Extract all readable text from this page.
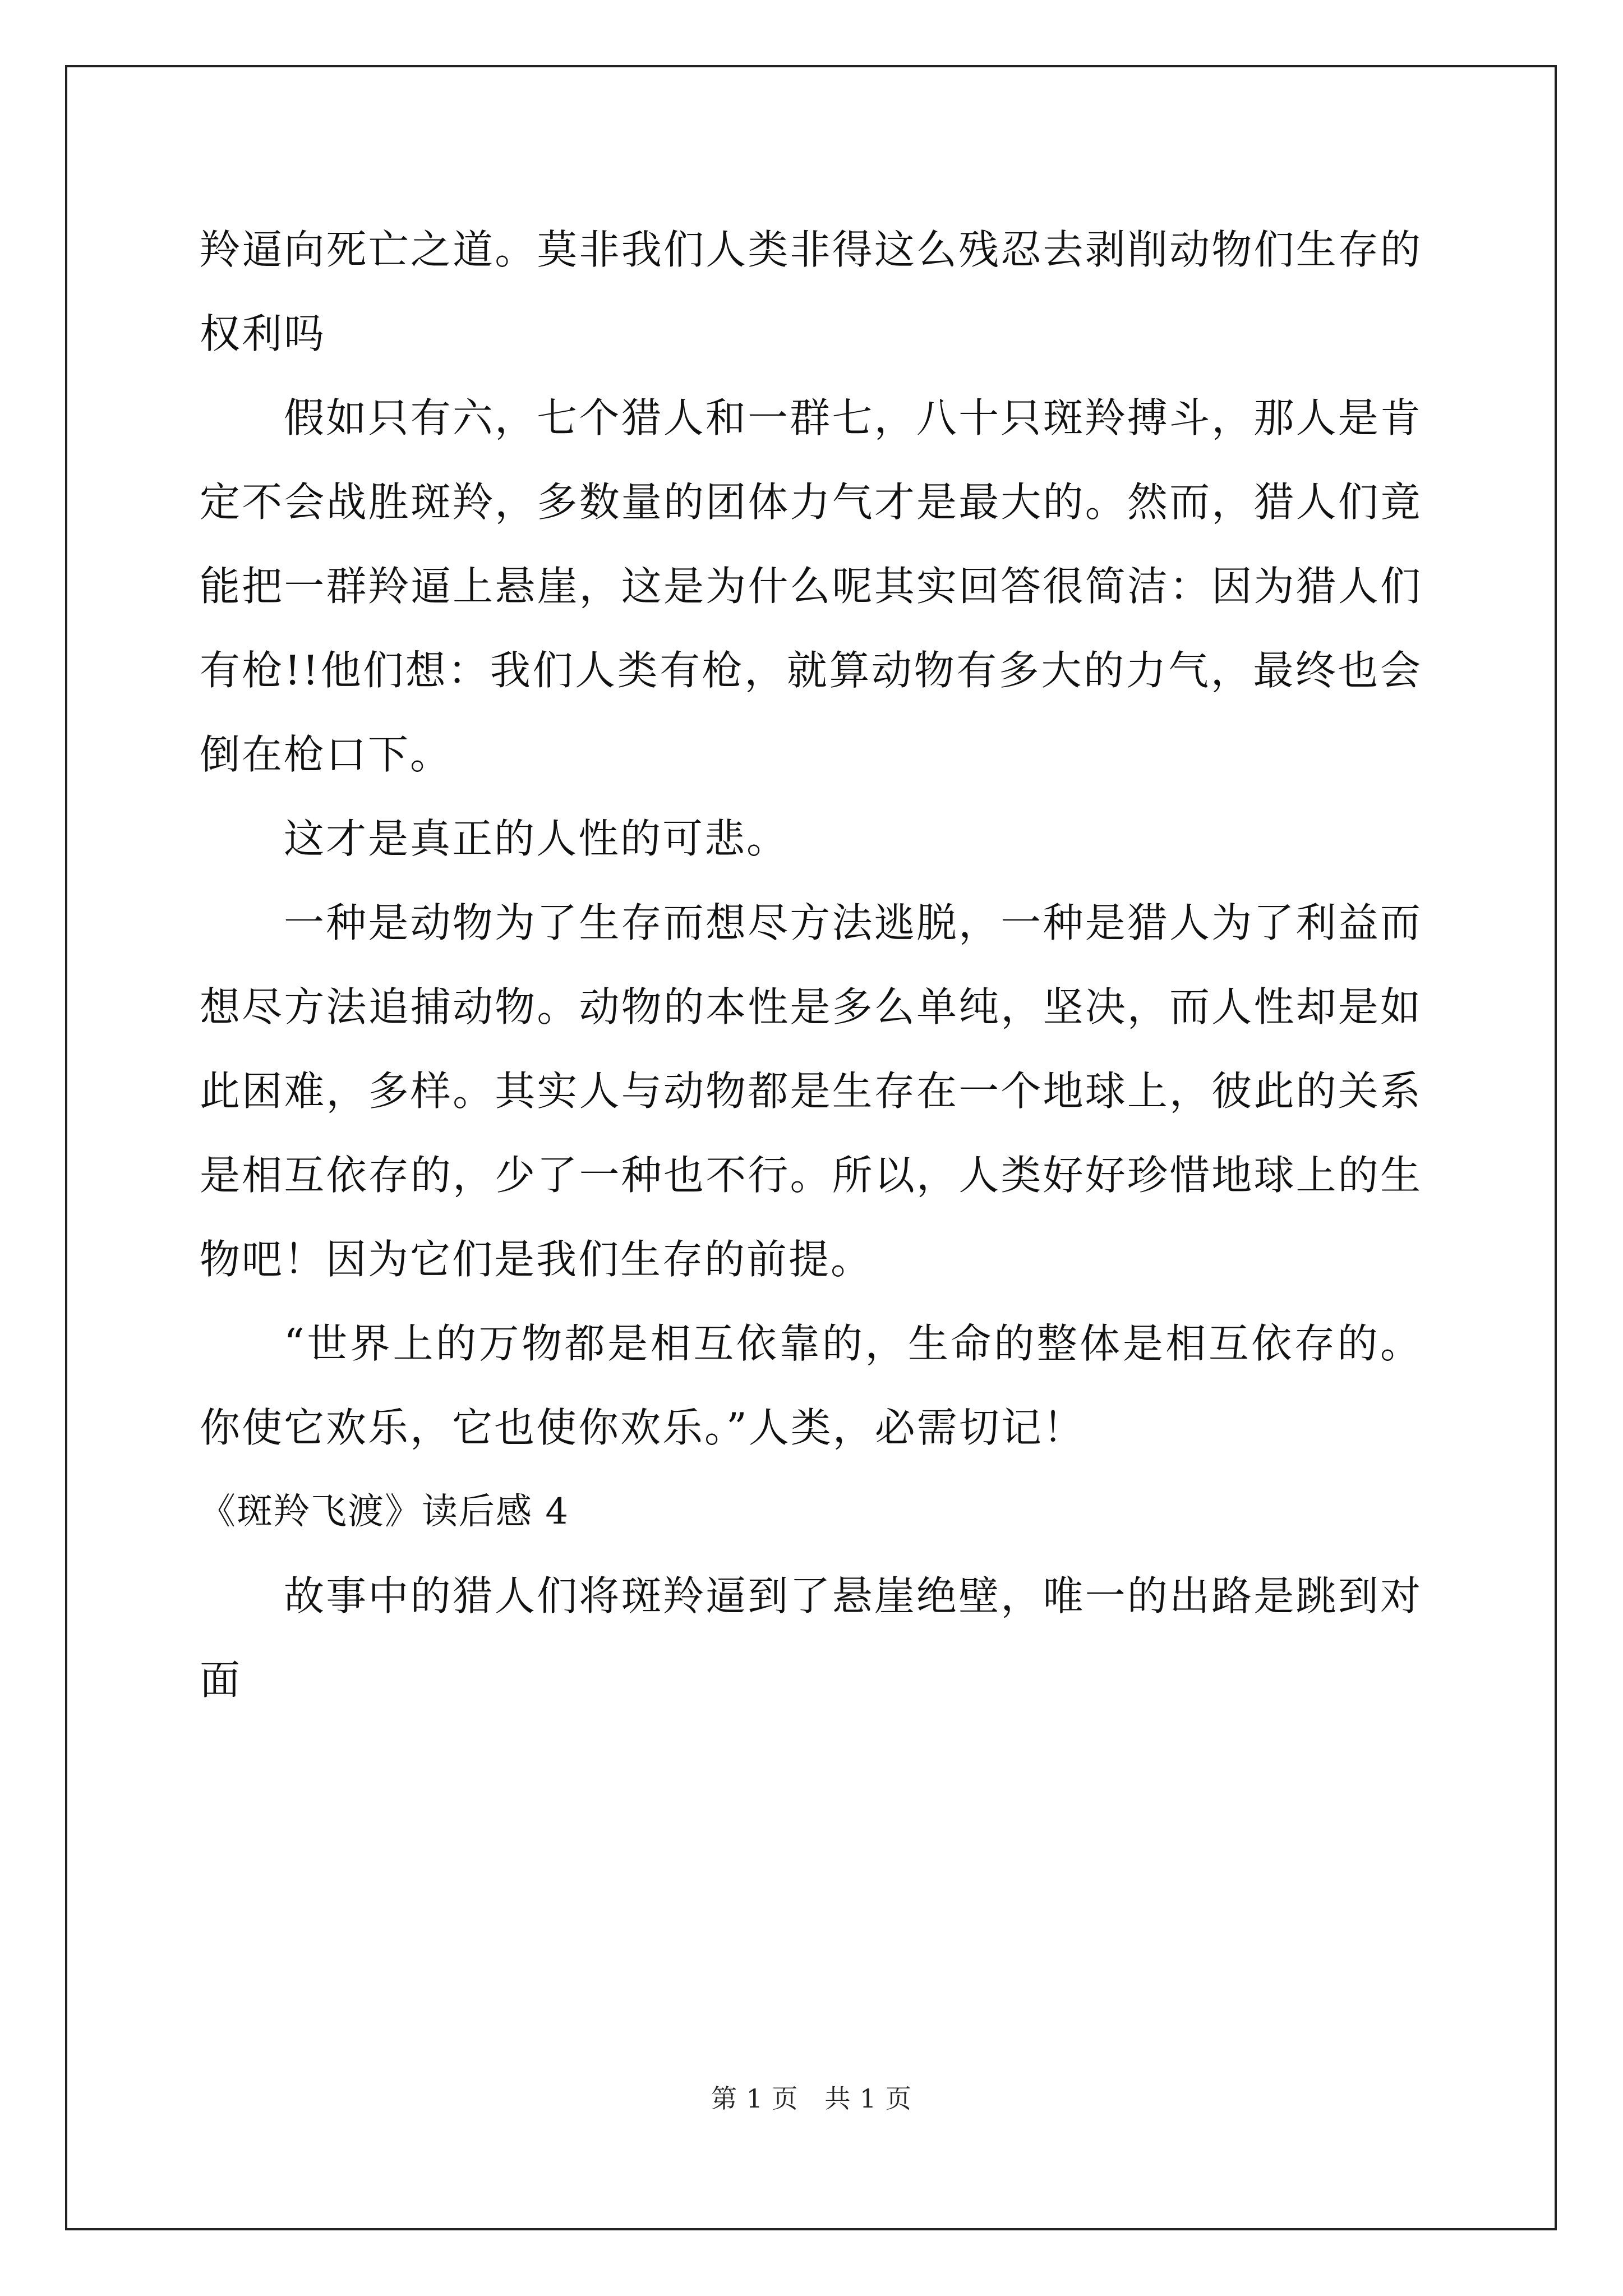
羚逼向死亡之道。莫非我们人类非得这么残忍去剥削动物们生存的权利吗

假如只有六，七个猎人和一群七，八十只斑羚搏斗，那人是肯定不会战胜斑羚，多数量的团体力气才是最大的。然而，猎人们竟能把一群羚逼上悬崖，这是为什么呢其实回答很简洁：因为猎人们有枪!!他们想：我们人类有枪，就算动物有多大的力气，最终也会倒在枪口下。

这才是真正的人性的可悲。

一种是动物为了生存而想尽方法逃脱，一种是猎人为了利益而想尽方法追捕动物。动物的本性是多么单纯，坚决，而人性却是如此困难，多样。其实人与动物都是生存在一个地球上，彼此的关系是相互依存的，少了一种也不行。所以，人类好好珍惜地球上的生物吧！因为它们是我们生存的前提。

“世界上的万物都是相互依靠的，生命的整体是相互依存的。你使它欢乐，它也使你欢乐。”人类，必需切记！

《斑羚飞渡》读后感 4

故事中的猎人们将斑羚逼到了悬崖绝壁，唯一的出路是跳到对面

第 1 页   共 1 页
